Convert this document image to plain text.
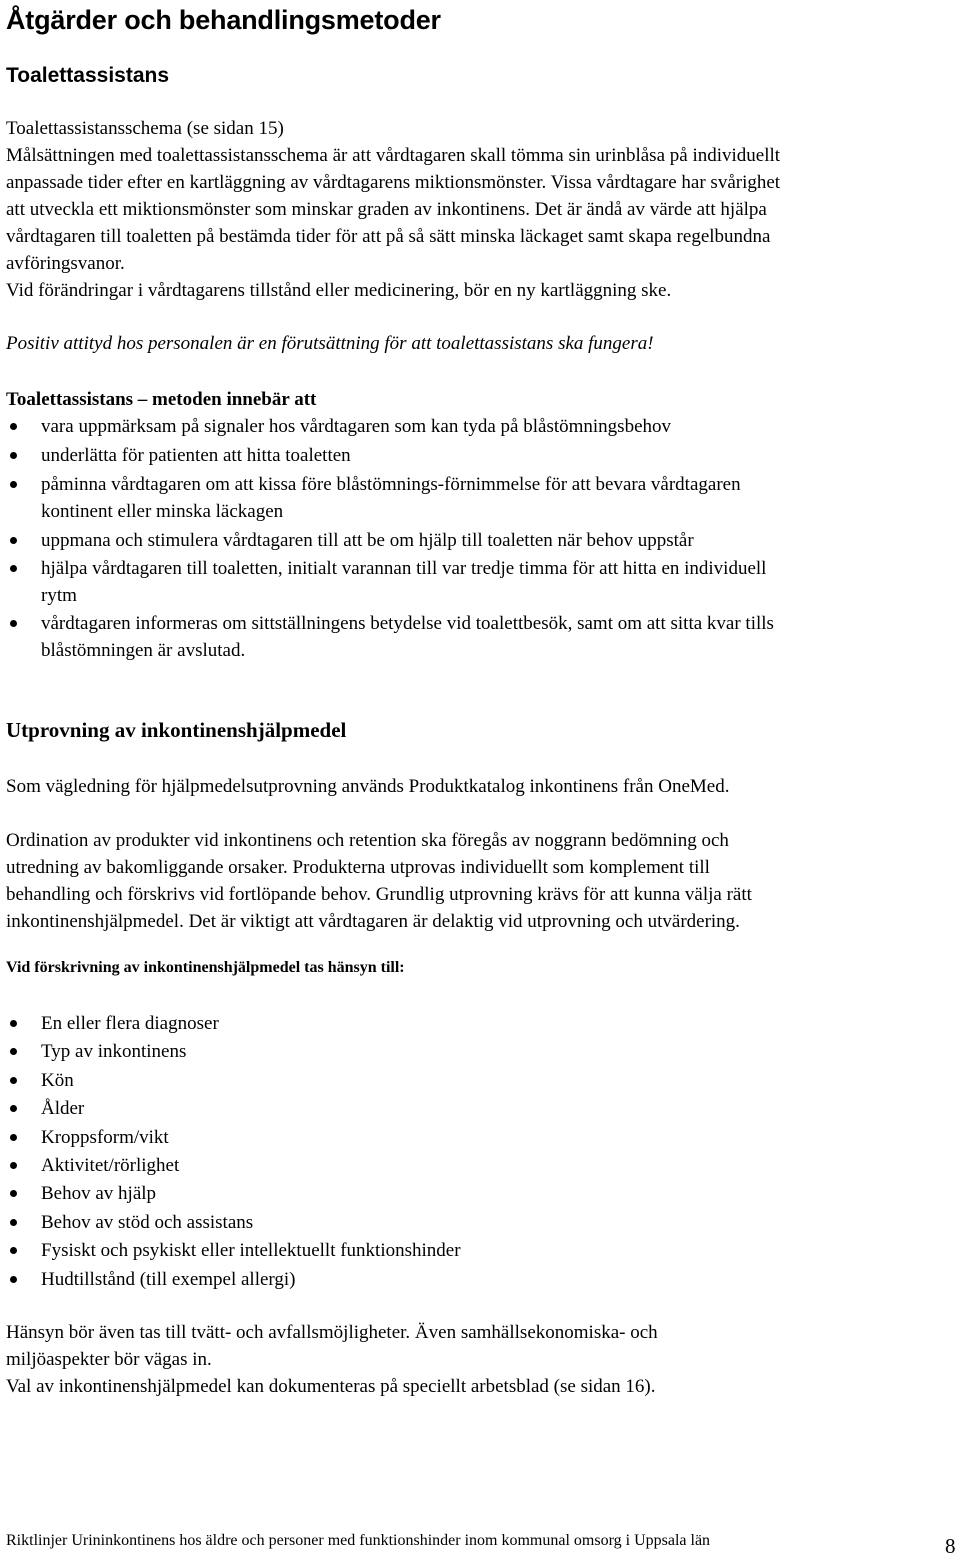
Åtgärder och behandlingsmetoder
Toalettassistans
Toalettassistansschema (se sidan 15)
Målsättningen med toalettassistansschema är att vårdtagaren skall tömma sin urinblåsa på individuellt
anpassade tider efter en kartläggning av vårdtagarens miktionsmönster. Vissa vårdtagare har svårighet
att utveckla ett miktionsmönster som minskar graden av inkontinens. Det är ändå av värde att hjälpa
vårdtagaren till toaletten på bestämda tider för att på så sätt minska läckaget samt skapa regelbundna
avföringsvanor.
Vid förändringar i vårdtagarens tillstånd eller medicinering, bör en ny kartläggning ske.
Positiv attityd hos personalen är en förutsättning för att toalettassistans ska fungera!
Toalettassistans – metoden innebär att
vara uppmärksam på signaler hos vårdtagaren som kan tyda på blåstömningsbehov
underlätta för patienten att hitta toaletten
påminna vårdtagaren om att kissa före blåstömnings-förnimmelse för att bevara vårdtagaren
kontinent eller minska läckagen
uppmana och stimulera vårdtagaren till att be om hjälp till toaletten när behov uppstår
hjälpa vårdtagaren till toaletten, initialt varannan till var tredje timma för att hitta en individuell
rytm
vårdtagaren informeras om sittställningens betydelse vid toalettbesök, samt om att sitta kvar tills
blåstömningen är avslutad.
Utprovning av inkontinenshjälpmedel
Som vägledning för hjälpmedelsutprovning används Produktkatalog inkontinens från OneMed.
Ordination av produkter vid inkontinens och retention ska föregås av noggrann bedömning och
utredning av bakomliggande orsaker. Produkterna utprovas individuellt som komplement till
behandling och förskrivs vid fortlöpande behov. Grundlig utprovning krävs för att kunna välja rätt
inkontinenshjälpmedel. Det är viktigt att vårdtagaren är delaktig vid utprovning och utvärdering.
Vid förskrivning av inkontinenshjälpmedel tas hänsyn till:
En eller flera diagnoser
Typ av inkontinens
Kön
Ålder
Kroppsform/vikt
Aktivitet/rörlighet
Behov av hjälp
Behov av stöd och assistans
Fysiskt och psykiskt eller intellektuellt funktionshinder
Hudtillstånd (till exempel allergi)
Hänsyn bör även tas till tvätt- och avfallsmöjligheter. Även samhällsekonomiska- och
miljöaspekter bör vägas in.
Val av inkontinenshjälpmedel kan dokumenteras på speciellt arbetsblad (se sidan 16).
Riktlinjer Urininkontinens hos äldre och personer med funktionshinder inom kommunal omsorg i Uppsala län	8
